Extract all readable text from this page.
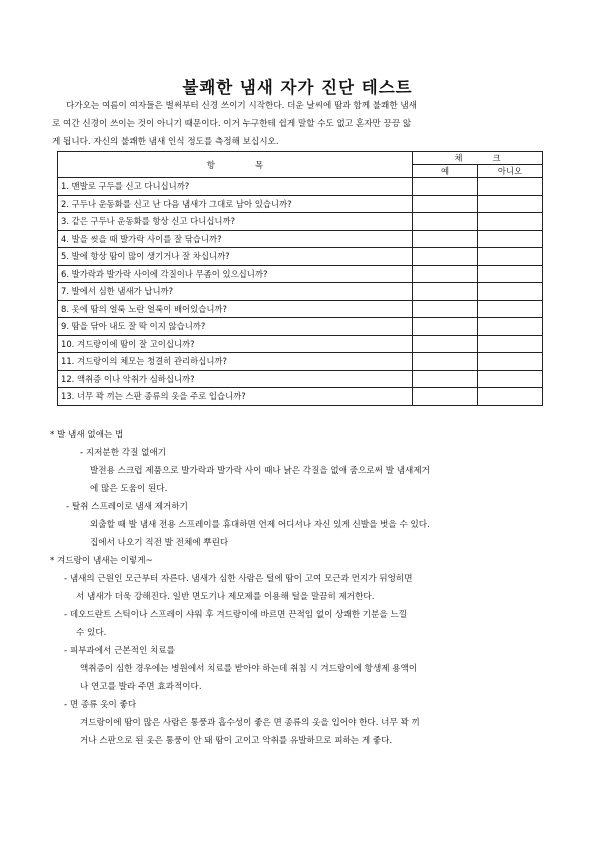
불쾌한 냄새 자가 진단 테스트
다가오는 여름이 여자들은 벌써부터 신경 쓰이기 시작한다. 더운 날씨에 땀과 함께 불쾌한 냄새
로 여간 신경이 쓰이는 것이 아니기 때문이다. 이거 누구한테 쉽게 말할 수도 없고 혼자만 끙끙 앓
게 됩니다. 자신의 불쾌한 냄새 인식 정도를 측정해 보십시오.
항목	체크	
	예	아니오
1. 맨발로 구두를 신고 다니십니까?		
2. 구두나 운동화를 신고 난 다음 냄새가 그대로 남아 있습니까?		
3. 같은 구두나 운동화를 항상 신고 다니십니까?		
4. 발을 씻을 때 발가락 사이를 잘 닦습니까?		
5. 발에 항상 땀이 많이 생기거나 잘 차십니까?		
6. 발가락과 발가락 사이에 각질이나 무좀이 있으십니까?		
7. 발에서 심한 냄새가 납니까?		
8. 옷에 땀의 얼룩 노란 얼룩이 배어있습니까?		
9. 땀을 닦아 내도 잘 딱 이지 않습니까?		
10. 겨드랑이에 땀이 잘 고이십니까?		
11. 겨드랑이의 체모는 청결히 관리하십니까?		
12. 액취증 이나 악취가 심하십니까?		
13. 너무 꽉 끼는 스판 종류의 옷을 주로 입습니까?		
* 발 냄새 없애는 법
- 지저분한 각질 없애기
발전용 스크럽 제품으로 발가락과 발가락 사이 때나 낡은 각질을 없애 줌으로써 발 냄새제거
에 많은 도움이 된다.
- 탈취 스프레이로 냄새 제거하기
외출할 때 발 냄새 전용 스프레이를 휴대하면 언제 어디서나 자신 있게 신발을 벗을 수 있다.
집에서 나오기 직전 발 전체에 뿌린다
* 겨드랑이 냄새는 이렇게~
- 냄새의 근원인 모근부터 자른다. 냄새가 심한 사람은 털에 땀이 고여 모근과 먼지가 뒤엉히면
서 냄새가 더욱 강해진다. 일반 면도기나 제모제를 이용해 털을 말끔히 제거한다.
- 데오드란트 스틱이나 스프레이 샤워 후 겨드랑이에 바르면 끈적임 없이 상쾌한 기분을 느낄
수 있다.
- 피부과에서 근본적인 치료를
액취증이 심한 경우에는 병원에서 치료를 받아야 하는데 취침 시 겨드랑이에 항생제 용액이
나 연고를 발라 주면 효과적이다.
- 면 종류 옷이 좋다
겨드랑이에 땀이 많은 사람은 통풍과 흡수성이 좋은 면 종류의 옷을 입어야 한다. 너무 꽉 끼
거나 스판으로 된 옷은 통풍이 안 돼 땀이 고이고 악취를 유발하므로 피하는 게 좋다.
